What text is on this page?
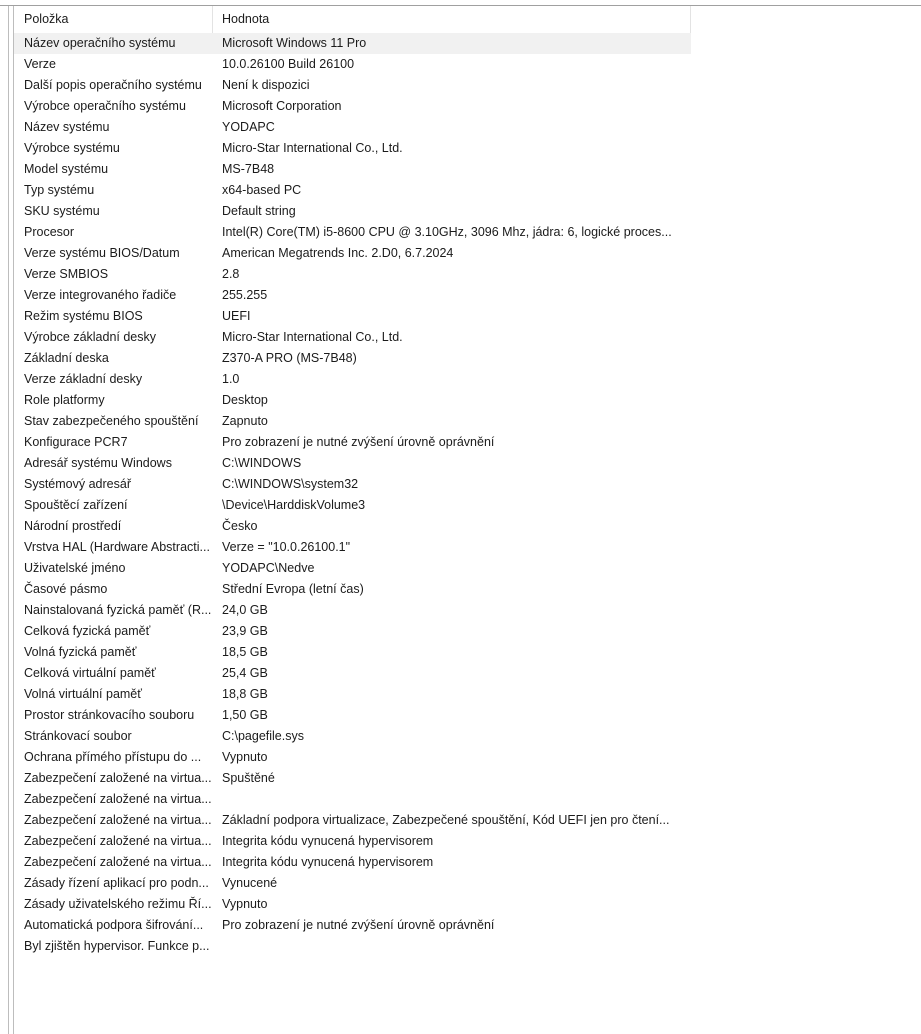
Položka	Hodnota
Název operačního systému	Microsoft Windows 11 Pro
Verze	10.0.26100 Build 26100
Další popis operačního systému	Není k dispozici
Výrobce operačního systému	Microsoft Corporation
Název systému	YODAPC
Výrobce systému	Micro-Star International Co., Ltd.
Model systému	MS-7B48
Typ systému	x64-based PC
SKU systému	Default string
Procesor	Intel(R) Core(TM) i5-8600 CPU @ 3.10GHz, 3096 Mhz, jádra: 6, logické proces...
Verze systému BIOS/Datum	American Megatrends Inc. 2.D0, 6.7.2024
Verze SMBIOS	2.8
Verze integrovaného řadiče	255.255
Režim systému BIOS	UEFI
Výrobce základní desky	Micro-Star International Co., Ltd.
Základní deska	Z370-A PRO (MS-7B48)
Verze základní desky	1.0
Role platformy	Desktop
Stav zabezpečeného spouštění	Zapnuto
Konfigurace PCR7	Pro zobrazení je nutné zvýšení úrovně oprávnění
Adresář systému Windows	C:\WINDOWS
Systémový adresář	C:\WINDOWS\system32
Spouštěcí zařízení	\Device\HarddiskVolume3
Národní prostředí	Česko
Vrstva HAL (Hardware Abstracti... Verze = "10.0.26100.1"
Uživatelské jméno	YODAPC\Nedve
Časové pásmo	Střední Evropa (letní čas)
Nainstalovaná fyzická paměť (R... 24,0 GB
Celková fyzická paměť	23,9 GB
Volná fyzická paměť	18,5 GB
Celková virtuální paměť	25,4 GB
Volná virtuální paměť	18,8 GB
Prostor stránkovacího souboru	1,50 GB
Stránkovací soubor	C:\pagefile.sys
Ochrana přímého přístupu do ...	Vypnuto
Zabezpečení založené na virtua... Spuštěné
Zabezpečení založené na virtua...
Zabezpečení založené na virtua... Základní podpora virtualizace, Zabezpečené spouštění, Kód UEFI jen pro čtení...
Zabezpečení založené na virtua... Integrita kódu vynucená hypervisorem
Zabezpečení založené na virtua... Integrita kódu vynucená hypervisorem
Zásady řízení aplikací pro podn...	Vynucené
Zásady uživatelského režimu Ří... Vypnuto
Automatická podpora šifrování...	Pro zobrazení je nutné zvýšení úrovně oprávnění
Byl zjištěn hypervisor. Funkce p...
